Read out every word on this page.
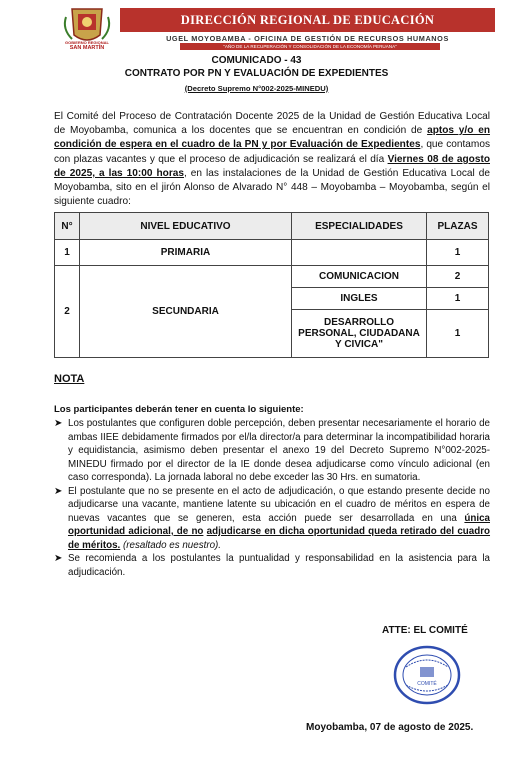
GOBIERNO REGIONAL
SAN MARTÍN
DIRECCIÓN REGIONAL DE EDUCACIÓN
UGEL MOYOBAMBA - OFICINA DE GESTIÓN DE RECURSOS HUMANOS
"AÑO DE LA RECUPERACIÓN Y CONSOLIDACIÓN DE LA ECONOMÍA PERUANA"
COMUNICADO - 43
CONTRATO POR PN Y EVALUACIÓN DE EXPEDIENTES
(Decreto Supremo N°002-2025-MINEDU)

El Comité del Proceso de Contratación Docente 2025 de la Unidad de Gestión Educativa Local de Moyobamba, comunica a los docentes que se encuentran en condición de aptos y/o en condición de espera en el cuadro de la PN y por Evaluación de Expedientes, que contamos con plazas vacantes y que el proceso de adjudicación se realizará el día Viernes 08 de agosto de 2025, a las 10:00 horas, en las instalaciones de la Unidad de Gestión Educativa Local de Moyobamba, sito en el jirón Alonso de Alvarado N° 448 – Moyobamba – Moyobamba, según el siguiente cuadro:

N°	NIVEL EDUCATIVO	ESPECIALIDADES	PLAZAS
1	PRIMARIA		1
2	SECUNDARIA	COMUNICACION	2
		INGLES	1
		DESARROLLO PERSONAL, CIUDADANA Y CIVICA"	1
NOTA
Los participantes deberán tener en cuenta lo siguiente:
➤ Los postulantes que configuren doble percepción, deben presentar necesariamente el horario de ambas IIEE debidamente firmados por el/la director/a para determinar la incompatibilidad horaria y equidistancia, asimismo deben presentar el anexo 19 del Decreto Supremo N°002-2025-MINEDU firmado por el director de la IE donde desea adjudicarse como vínculo adicional (en caso corresponda). La jornada laboral no debe exceder las 30 Hrs. en sumatoria.
➤ El postulante que no se presente en el acto de adjudicación, o que estando presente decide no adjudicarse una vacante, mantiene latente su ubicación en el cuadro de méritos en espera de nuevas vacantes que se generen, esta acción puede ser desarrollada en una única oportunidad adicional, de no adjudicarse en dicha oportunidad queda retirado del cuadro de méritos. (resaltado es nuestro).
➤ Se recomienda a los postulantes la puntualidad y responsabilidad en la asistencia para la adjudicación.
ATTE: EL COMITÉ
COMITÉ
Moyobamba, 07 de agosto de 2025.
